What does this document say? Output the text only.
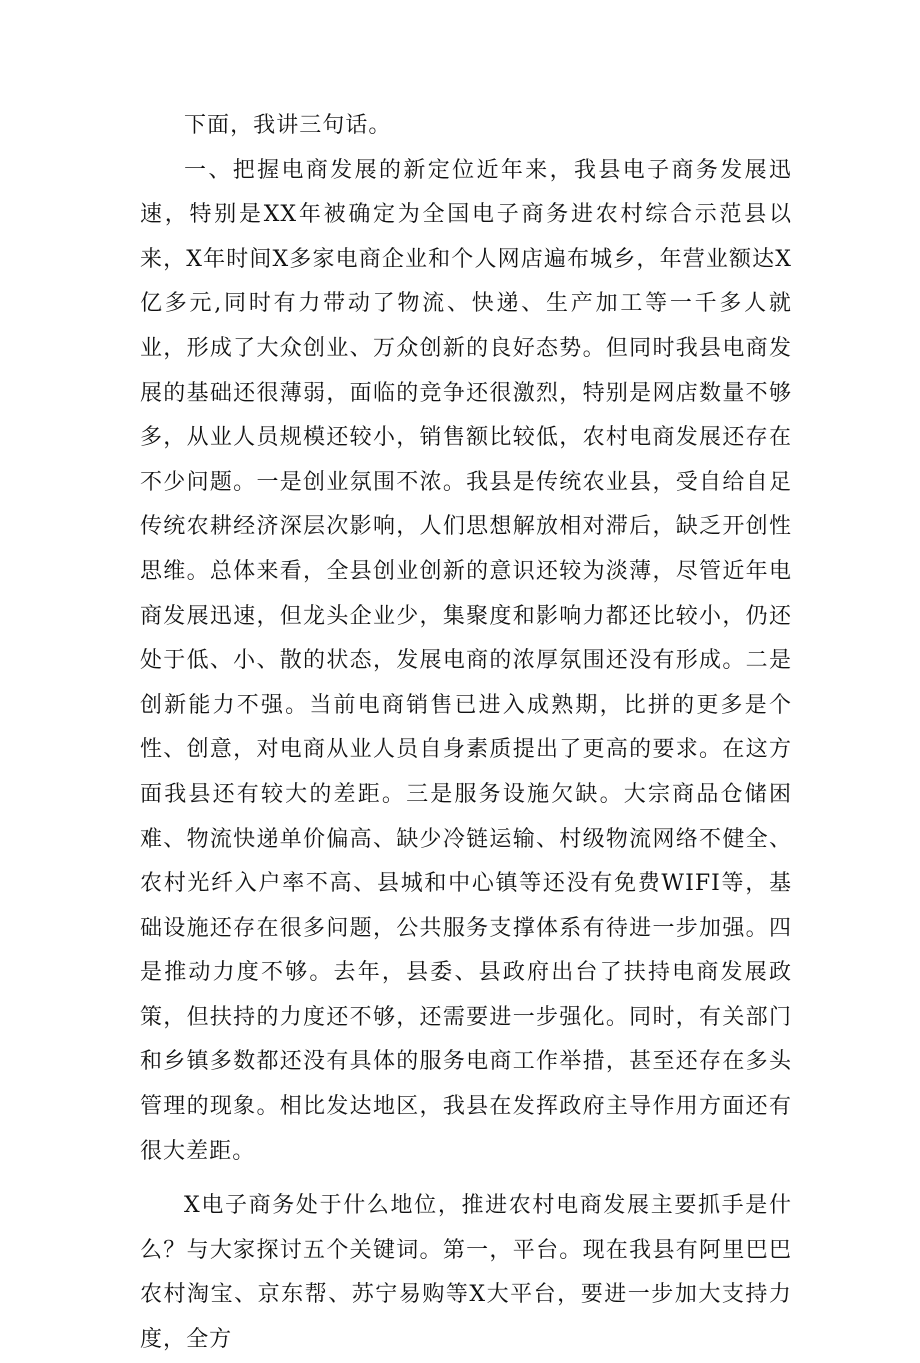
下面，我讲三句话。

一、把握电商发展的新定位近年来，我县电子商务发展迅速，特别是XX年被确定为全国电子商务进农村综合示范县以来，X年时间X多家电商企业和个人网店遍布城乡，年营业额达X亿多元,同时有力带动了物流、快递、生产加工等一千多人就业，形成了大众创业、万众创新的良好态势。但同时我县电商发展的基础还很薄弱，面临的竞争还很激烈，特别是网店数量不够多，从业人员规模还较小，销售额比较低，农村电商发展还存在不少问题。一是创业氛围不浓。我县是传统农业县，受自给自足传统农耕经济深层次影响，人们思想解放相对滞后，缺乏开创性思维。总体来看，全县创业创新的意识还较为淡薄，尽管近年电商发展迅速，但龙头企业少，集聚度和影响力都还比较小，仍还处于低、小、散的状态，发展电商的浓厚氛围还没有形成。二是创新能力不强。当前电商销售已进入成熟期，比拼的更多是个性、创意，对电商从业人员自身素质提出了更高的要求。在这方面我县还有较大的差距。三是服务设施欠缺。大宗商品仓储困难、物流快递单价偏高、缺少冷链运输、村级物流网络不健全、农村光纤入户率不高、县城和中心镇等还没有免费WIFI等，基础设施还存在很多问题，公共服务支撑体系有待进一步加强。四是推动力度不够。去年，县委、县政府出台了扶持电商发展政策，但扶持的力度还不够，还需要进一步强化。同时，有关部门和乡镇多数都还没有具体的服务电商工作举措，甚至还存在多头管理的现象。相比发达地区，我县在发挥政府主导作用方面还有很大差距。

X电子商务处于什么地位，推进农村电商发展主要抓手是什么？与大家探讨五个关键词。第一，平台。现在我县有阿里巴巴农村淘宝、京东帮、苏宁易购等X大平台，要进一步加大支持力度，全方
